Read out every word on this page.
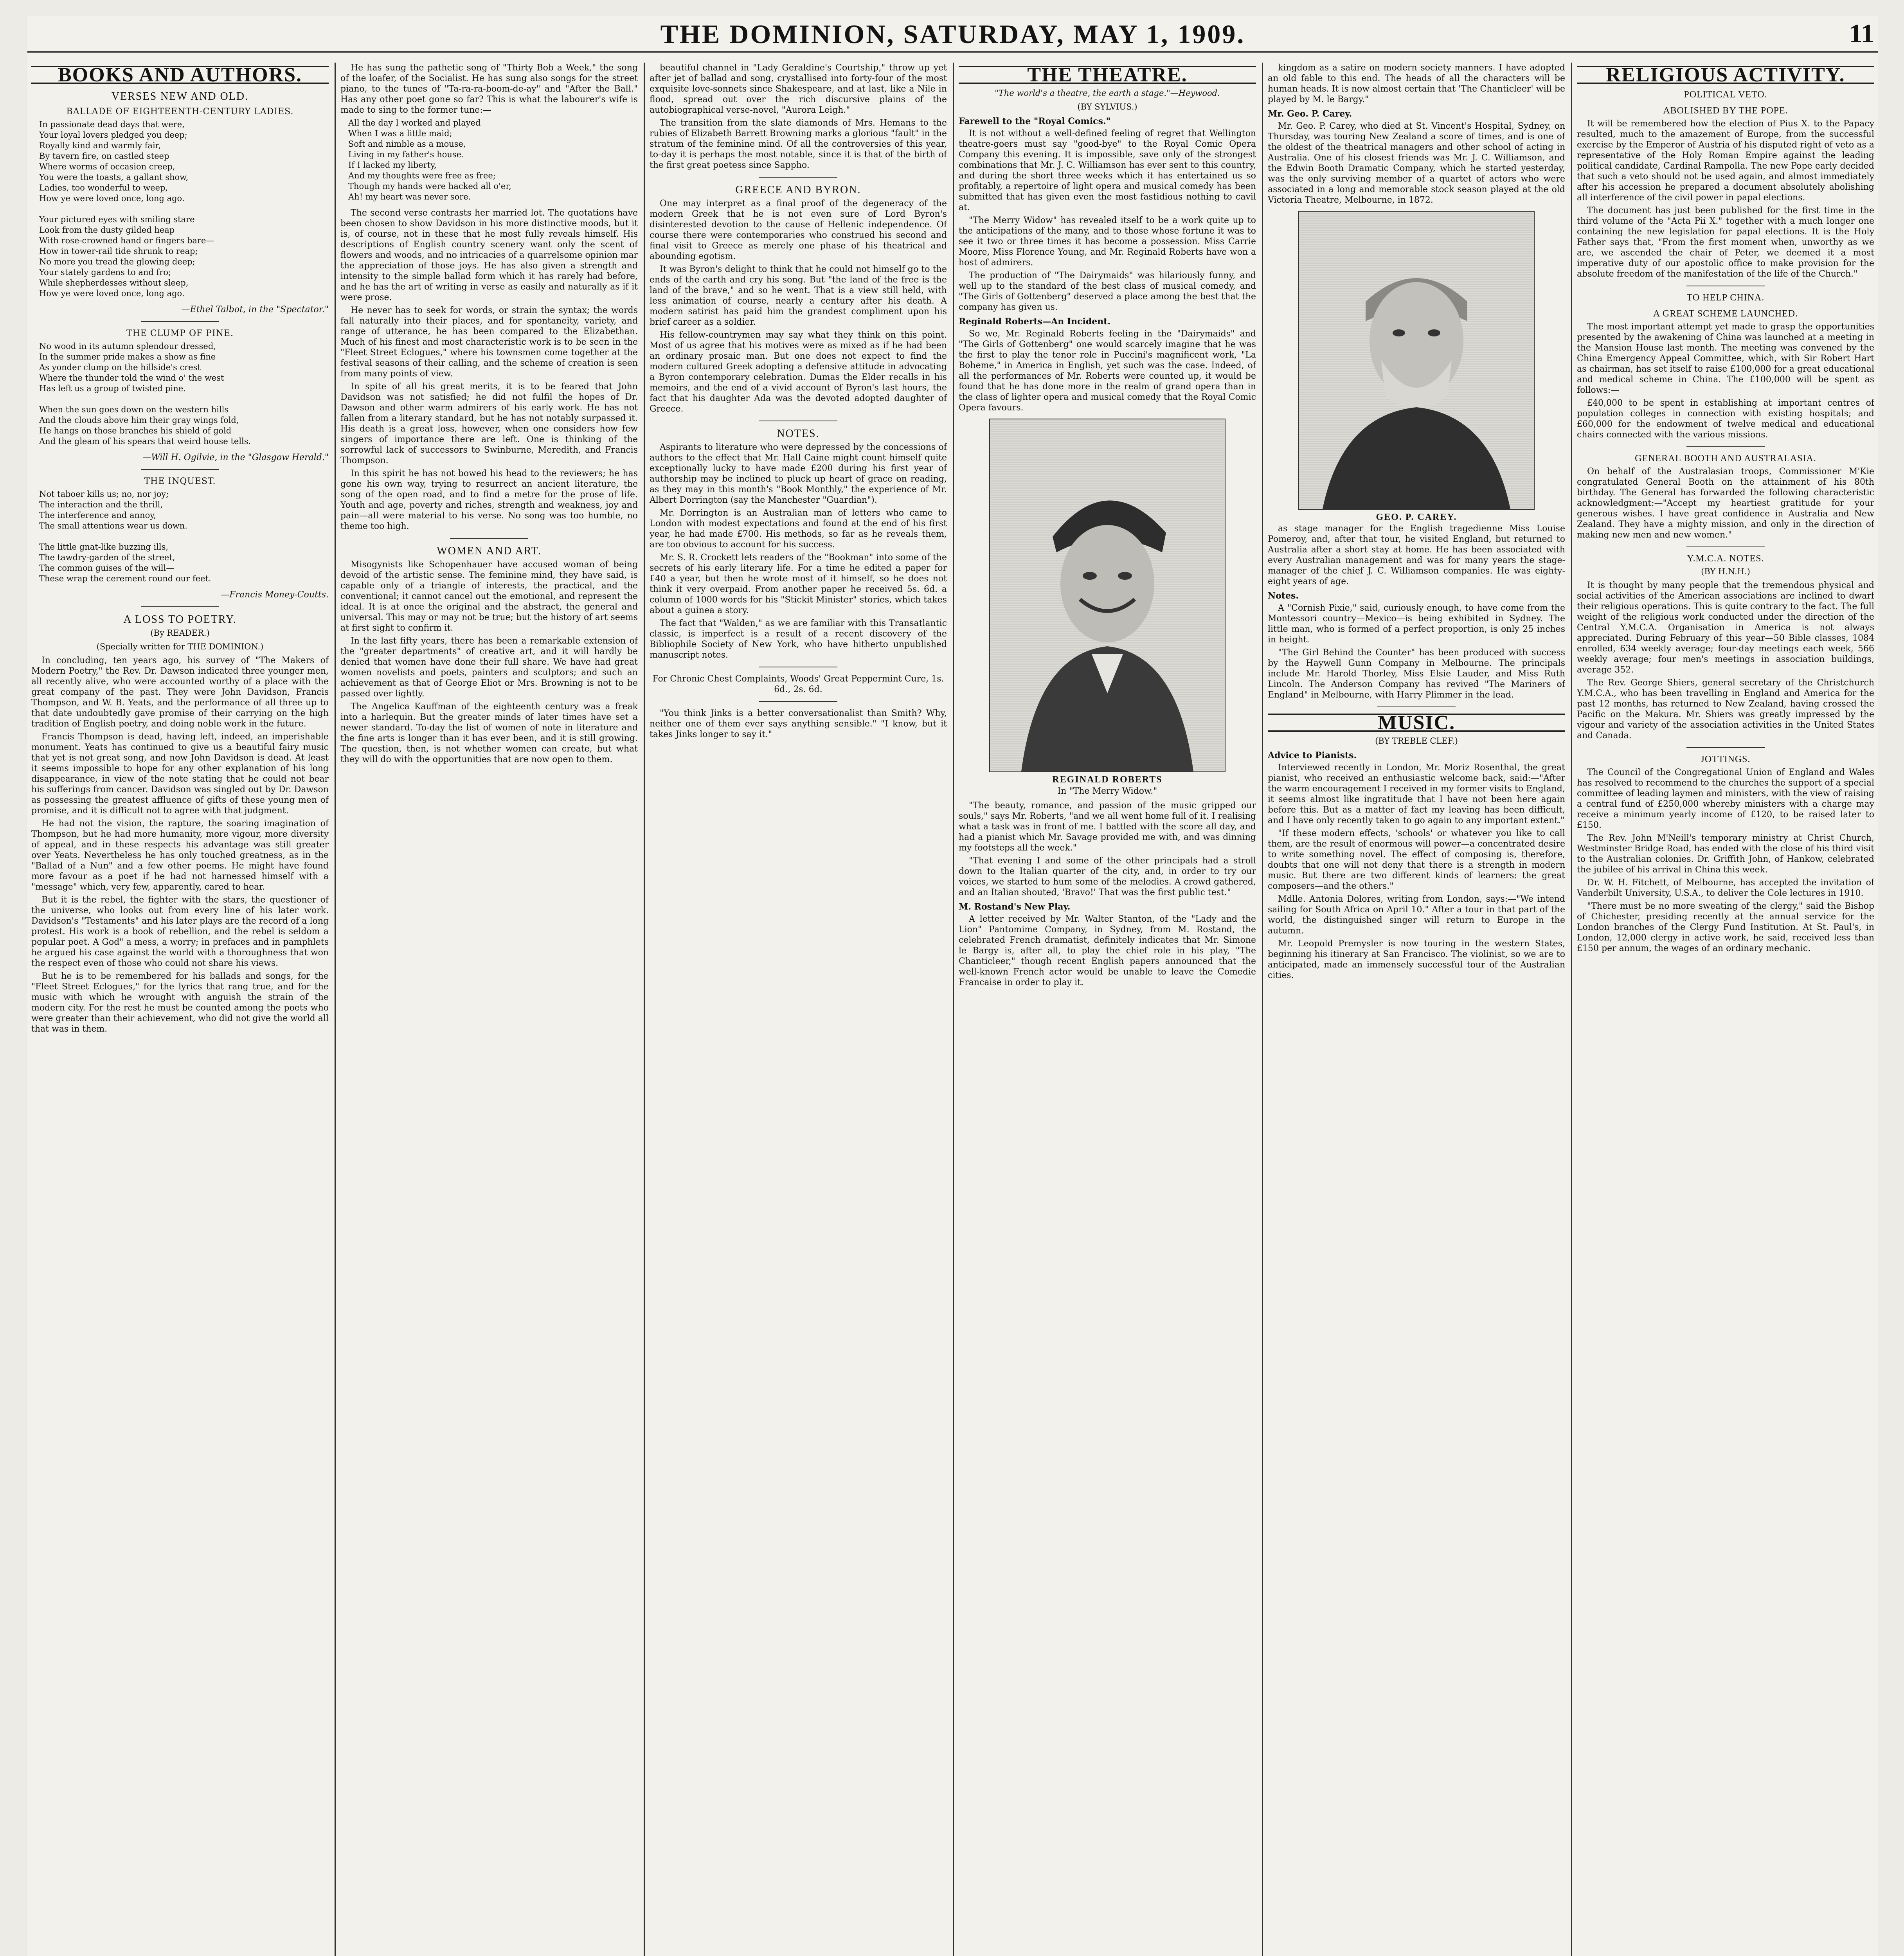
THE DOMINION, SATURDAY, MAY 1, 1909.	11
BOOKS AND AUTHORS.
VERSES NEW AND OLD.
BALLADE OF EIGHTEENTH-CENTURY LADIES.
In passionate dead days that were,
Your loyal lovers pledged you deep;
Royally kind and warmly fair,
By tavern fire, on castled steep
Where worms of occasion creep,
You were the toasts, a gallant show,
Ladies, too wonderful to weep,
How ye were loved once, long ago.

Your pictured eyes with smiling stare
Look from the dusty gilded heap
With rose-crowned hand or fingers bare—
How in tower-rail tide shrunk to reap;
No more you tread the glowing deep;
Your stately gardens to and fro;
While shepherdesses without sleep,
How ye were loved once, long ago.
—Ethel Talbot, in the "Spectator."
THE CLUMP OF PINE.
No wood in its autumn splendour dressed,
In the summer pride makes a show as fine
As yonder clump on the hillside's crest
Where the thunder told the wind o' the west
Has left us a group of twisted pine.

When the sun goes down on the western hills
And the clouds above him their gray wings fold,
He hangs on those branches his shield of gold
And the gleam of his spears that weird house tells.
—Will H. Ogilvie, in the "Glasgow Herald."
THE INQUEST.
Not taboer kills us; no, nor joy;
The interaction and the thrill,
The interference and annoy,
The small attentions wear us down.

The little gnat-like buzzing ills,
The tawdry-garden of the street,
The common guises of the will—
These wrap the cerement round our feet.
—Francis Money-Coutts.
A LOSS TO POETRY.
(By READER.)
(Specially written for THE DOMINION.)

In concluding, ten years ago, his survey of "The Makers of Modern Poetry," the Rev. Dr. Dawson indicated three younger men, all recently alive, who were accounted worthy of a place with the great company of the past. They were John Davidson, Francis Thompson, and W. B. Yeats, and the performance of all three up to that date undoubtedly gave promise of their carrying on the high tradition of English poetry, and doing noble work in the future.

Francis Thompson is dead, having left, indeed, an imperishable monument. Yeats has continued to give us a beautiful fairy music that yet is not great song, and now John Davidson is dead. At least it seems impossible to hope for any other explanation of his long disappearance, in view of the note stating that he could not bear his sufferings from cancer. Davidson was singled out by Dr. Dawson as possessing the greatest affluence of gifts of these young men of promise, and it is difficult not to agree with that judgment.

He had not the vision, the rapture, the soaring imagination of Thompson, but he had more humanity, more vigour, more diversity of appeal, and in these respects his advantage was still greater over Yeats. Nevertheless he has only touched greatness, as in the "Ballad of a Nun" and a few other poems. He might have found more favour as a poet if he had not harnessed himself with a "message" which, very few, apparently, cared to hear.

But it is the rebel, the fighter with the stars, the questioner of the universe, who looks out from every line of his later work. Davidson's "Testaments" and his later plays are the record of a long protest. His work is a book of rebellion, and the rebel is seldom a popular poet. A God" a mess, a worry; in prefaces and in pamphlets he argued his case against the world with a thoroughness that won the respect even of those who could not share his views.

But he is to be remembered for his ballads and songs, for the "Fleet Street Eclogues," for the lyrics that rang true, and for the music with which he wrought with anguish the strain of the modern city. For the rest he must be counted among the poets who were greater than their achievement, who did not give the world all that was in them.

He has sung the pathetic song of "Thirty Bob a Week," the song of the loafer, of the Socialist. He has sung also songs for the street piano, to the tunes of "Ta-ra-ra-boom-de-ay" and "After the Ball." Has any other poet gone so far? This is what the labourer's wife is made to sing to the former tune:—

All the day I worked and played
When I was a little maid;
Soft and nimble as a mouse,
Living in my father's house.
If I lacked my liberty,
And my thoughts were free as free;
Though my hands were hacked all o'er,
Ah! my heart was never sore.

The second verse contrasts her married lot. The quotations have been chosen to show Davidson in his more distinctive moods, but it is, of course, not in these that he most fully reveals himself. His descriptions of English country scenery want only the scent of flowers and woods, and no intricacies of a quarrelsome opinion mar the appreciation of those joys. He has also given a strength and intensity to the simple ballad form which it has rarely had before, and he has the art of writing in verse as easily and naturally as if it were prose.

He never has to seek for words, or strain the syntax; the words fall naturally into their places, and for spontaneity, variety, and range of utterance, he has been compared to the Elizabethan. Much of his finest and most characteristic work is to be seen in the "Fleet Street Eclogues," where his townsmen come together at the festival seasons of their calling, and the scheme of creation is seen from many points of view.

In spite of all his great merits, it is to be feared that John Davidson was not satisfied; he did not fulfil the hopes of Dr. Dawson and other warm admirers of his early work. He has not fallen from a literary standard, but he has not notably surpassed it. His death is a great loss, however, when one considers how few singers of importance there are left. One is thinking of the sorrowful lack of successors to Swinburne, Meredith, and Francis Thompson.

In this spirit he has not bowed his head to the reviewers; he has gone his own way, trying to resurrect an ancient literature, the song of the open road, and to find a metre for the prose of life. Youth and age, poverty and riches, strength and weakness, joy and pain—all were material to his verse. No song was too humble, no theme too high.

WOMEN AND ART.

Misogynists like Schopenhauer have accused woman of being devoid of the artistic sense. The feminine mind, they have said, is capable only of a triangle of interests, the practical, and the conventional; it cannot cancel out the emotional, and represent the ideal. It is at once the original and the abstract, the general and universal. This may or may not be true; but the history of art seems at first sight to confirm it.

In the last fifty years, there has been a remarkable extension of the "greater departments" of creative art, and it will hardly be denied that women have done their full share. We have had great women novelists and poets, painters and sculptors; and such an achievement as that of George Eliot or Mrs. Browning is not to be passed over lightly.

The Angelica Kauffman of the eighteenth century was a freak into a harlequin. But the greater minds of later times have set a newer standard. To-day the list of women of note in literature and the fine arts is longer than it has ever been, and it is still growing. The question, then, is not whether women can create, but what they will do with the opportunities that are now open to them.

beautiful channel in "Lady Geraldine's Courtship," throw up yet after jet of ballad and song, crystallised into forty-four of the most exquisite love-sonnets since Shakespeare, and at last, like a Nile in flood, spread out over the rich discursive plains of the autobiographical verse-novel, "Aurora Leigh."

The transition from the slate diamonds of Mrs. Hemans to the rubies of Elizabeth Barrett Browning marks a glorious "fault" in the stratum of the feminine mind. Of all the controversies of this year, to-day it is perhaps the most notable, since it is that of the birth of the first great poetess since Sappho.

GREECE AND BYRON.

One may interpret as a final proof of the degeneracy of the modern Greek that he is not even sure of Lord Byron's disinterested devotion to the cause of Hellenic independence. Of course there were contemporaries who construed his second and final visit to Greece as merely one phase of his theatrical and abounding egotism.

It was Byron's delight to think that he could not himself go to the ends of the earth and cry his song. But "the land of the free is the land of the brave," and so he went. That is a view still held, with less animation of course, nearly a century after his death. A modern satirist has paid him the grandest compliment upon his brief career as a soldier.

His fellow-countrymen may say what they think on this point. Most of us agree that his motives were as mixed as if he had been an ordinary prosaic man. But one does not expect to find the modern cultured Greek adopting a defensive attitude in advocating a Byron contemporary celebration. Dumas the Elder recalls in his memoirs, and the end of a vivid account of Byron's last hours, the fact that his daughter Ada was the devoted adopted daughter of Greece.

NOTES.

Aspirants to literature who were depressed by the concessions of authors to the effect that Mr. Hall Caine might count himself quite exceptionally lucky to have made £200 during his first year of authorship may be inclined to pluck up heart of grace on reading, as they may in this month's "Book Monthly," the experience of Mr. Albert Dorrington (say the Manchester "Guardian").

Mr. Dorrington is an Australian man of letters who came to London with modest expectations and found at the end of his first year, he had made £700. His methods, so far as he reveals them, are too obvious to account for his success.

Mr. S. R. Crockett lets readers of the "Bookman" into some of the secrets of his early literary life. For a time he edited a paper for £40 a year, but then he wrote most of it himself, so he does not think it very overpaid. From another paper he received 5s. 6d. a column of 1000 words for his "Stickit Minister" stories, which takes about a guinea a story.

The fact that "Walden," as we are familiar with this Transatlantic classic, is imperfect is a result of a recent discovery of the Bibliophile Society of New York, who have hitherto unpublished manuscript notes.

For Chronic Chest Complaints, Woods' Great Peppermint Cure, 1s. 6d., 2s. 6d.

"You think Jinks is a better conversationalist than Smith? Why, neither one of them ever says anything sensible." "I know, but it takes Jinks longer to say it."

THE THEATRE.
"The world's a theatre, the earth a stage."—Heywood.
(BY SYLVIUS.)
Farewell to the "Royal Comics."

It is not without a well-defined feeling of regret that Wellington theatre-goers must say "good-bye" to the Royal Comic Opera Company this evening. It is impossible, save only of the strongest combinations that Mr. J. C. Williamson has ever sent to this country, and during the short three weeks which it has entertained us so profitably, a repertoire of light opera and musical comedy has been submitted that has given even the most fastidious nothing to cavil at.

"The Merry Widow" has revealed itself to be a work quite up to the anticipations of the many, and to those whose fortune it was to see it two or three times it has become a possession. Miss Carrie Moore, Miss Florence Young, and Mr. Reginald Roberts have won a host of admirers.

The production of "The Dairymaids" was hilariously funny, and well up to the standard of the best class of musical comedy, and "The Girls of Gottenberg" deserved a place among the best that the company has given us.

Reginald Roberts—An Incident.

So we, Mr. Reginald Roberts feeling in the "Dairymaids" and "The Girls of Gottenberg" one would scarcely imagine that he was the first to play the tenor role in Puccini's magnificent work, "La Boheme," in America in English, yet such was the case. Indeed, of all the performances of Mr. Roberts were counted up, it would be found that he has done more in the realm of grand opera than in the class of lighter opera and musical comedy that the Royal Comic Opera favours.

REGINALD ROBERTS
In "The Merry Widow."

"The beauty, romance, and passion of the music gripped our souls," says Mr. Roberts, "and we all went home full of it. I realising what a task was in front of me. I battled with the score all day, and had a pianist which Mr. Savage provided me with, and was dinning my footsteps all the week."

"That evening I and some of the other principals had a stroll down to the Italian quarter of the city, and, in order to try our voices, we started to hum some of the melodies. A crowd gathered, and an Italian shouted, 'Bravo!' That was the first public test."

M. Rostand's New Play.

A letter received by Mr. Walter Stanton, of the "Lady and the Lion" Pantomime Company, in Sydney, from M. Rostand, the celebrated French dramatist, definitely indicates that Mr. Simone le Bargy is, after all, to play the chief role in his play, "The Chanticleer," though recent English papers announced that the well-known French actor would be unable to leave the Comedie Francaise in order to play it.

kingdom as a satire on modern society manners. I have adopted an old fable to this end. The heads of all the characters will be human heads. It is now almost certain that 'The Chanticleer' will be played by M. le Bargy."

Mr. Geo. P. Carey.

Mr. Geo. P. Carey, who died at St. Vincent's Hospital, Sydney, on Thursday, was touring New Zealand a score of times, and is one of the oldest of the theatrical managers and other school of acting in Australia. One of his closest friends was Mr. J. C. Williamson, and the Edwin Booth Dramatic Company, which he started yesterday, was the only surviving member of a quartet of actors who were associated in a long and memorable stock season played at the old Victoria Theatre, Melbourne, in 1872.

GEO. P. CAREY.

as stage manager for the English tragedienne Miss Louise Pomeroy, and, after that tour, he visited England, but returned to Australia after a short stay at home. He has been associated with every Australian management and was for many years the stage-manager of the chief J. C. Williamson companies. He was eighty-eight years of age.

Notes.

A "Cornish Pixie," said, curiously enough, to have come from the Montessori country—Mexico—is being exhibited in Sydney. The little man, who is formed of a perfect proportion, is only 25 inches in height.

"The Girl Behind the Counter" has been produced with success by the Haywell Gunn Company in Melbourne. The principals include Mr. Harold Thorley, Miss Elsie Lauder, and Miss Ruth Lincoln. The Anderson Company has revived "The Mariners of England" in Melbourne, with Harry Plimmer in the lead.

MUSIC.
(BY TREBLE CLEF.)
Advice to Pianists.

Interviewed recently in London, Mr. Moriz Rosenthal, the great pianist, who received an enthusiastic welcome back, said:—"After the warm encouragement I received in my former visits to England, it seems almost like ingratitude that I have not been here again before this. But as a matter of fact my leaving has been difficult, and I have only recently taken to go again to any important extent."

"If these modern effects, 'schools' or whatever you like to call them, are the result of enormous will power—a concentrated desire to write something novel. The effect of composing is, therefore, doubts that one will not deny that there is a strength in modern music. But there are two different kinds of learners: the great composers—and the others."

Mdlle. Antonia Dolores, writing from London, says:—"We intend sailing for South Africa on April 10." After a tour in that part of the world, the distinguished singer will return to Europe in the autumn.

Mr. Leopold Premysler is now touring in the western States, beginning his itinerary at San Francisco. The violinist, so we are to anticipated, made an immensely successful tour of the Australian cities.

RELIGIOUS ACTIVITY.
POLITICAL VETO.
ABOLISHED BY THE POPE.

It will be remembered how the election of Pius X. to the Papacy resulted, much to the amazement of Europe, from the successful exercise by the Emperor of Austria of his disputed right of veto as a representative of the Holy Roman Empire against the leading political candidate, Cardinal Rampolla. The new Pope early decided that such a veto should not be used again, and almost immediately after his accession he prepared a document absolutely abolishing all interference of the civil power in papal elections.

The document has just been published for the first time in the third volume of the "Acta Pii X." together with a much longer one containing the new legislation for papal elections. It is the Holy Father says that, "From the first moment when, unworthy as we are, we ascended the chair of Peter, we deemed it a most imperative duty of our apostolic office to make provision for the absolute freedom of the manifestation of the life of the Church."

TO HELP CHINA.
A GREAT SCHEME LAUNCHED.

The most important attempt yet made to grasp the opportunities presented by the awakening of China was launched at a meeting in the Mansion House last month. The meeting was convened by the China Emergency Appeal Committee, which, with Sir Robert Hart as chairman, has set itself to raise £100,000 for a great educational and medical scheme in China. The £100,000 will be spent as follows:—

£40,000 to be spent in establishing at important centres of population colleges in connection with existing hospitals; and £60,000 for the endowment of twelve medical and educational chairs connected with the various missions.

GENERAL BOOTH AND AUSTRALASIA.

On behalf of the Australasian troops, Commissioner M'Kie congratulated General Booth on the attainment of his 80th birthday. The General has forwarded the following characteristic acknowledgment:—"Accept my heartiest gratitude for your generous wishes. I have great confidence in Australia and New Zealand. They have a mighty mission, and only in the direction of making new men and new women."

Y.M.C.A. NOTES.
(BY H.N.H.)

It is thought by many people that the tremendous physical and social activities of the American associations are inclined to dwarf their religious operations. This is quite contrary to the fact. The full weight of the religious work conducted under the direction of the Central Y.M.C.A. Organisation in America is not always appreciated. During February of this year—50 Bible classes, 1084 enrolled, 634 weekly average; four-day meetings each week, 566 weekly average; four men's meetings in association buildings, average 352.

The Rev. George Shiers, general secretary of the Christchurch Y.M.C.A., who has been travelling in England and America for the past 12 months, has returned to New Zealand, having crossed the Pacific on the Makura. Mr. Shiers was greatly impressed by the vigour and variety of the association activities in the United States and Canada.

JOTTINGS.

The Council of the Congregational Union of England and Wales has resolved to recommend to the churches the support of a special committee of leading laymen and ministers, with the view of raising a central fund of £250,000 whereby ministers with a charge may receive a minimum yearly income of £120, to be raised later to £150.

The Rev. John M'Neill's temporary ministry at Christ Church, Westminster Bridge Road, has ended with the close of his third visit to the Australian colonies. Dr. Griffith John, of Hankow, celebrated the jubilee of his arrival in China this week.

Dr. W. H. Fitchett, of Melbourne, has accepted the invitation of Vanderbilt University, U.S.A., to deliver the Cole lectures in 1910.

"There must be no more sweating of the clergy," said the Bishop of Chichester, presiding recently at the annual service for the London branches of the Clergy Fund Institution. At St. Paul's, in London, 12,000 clergy in active work, he said, received less than £150 per annum, the wages of an ordinary mechanic.
